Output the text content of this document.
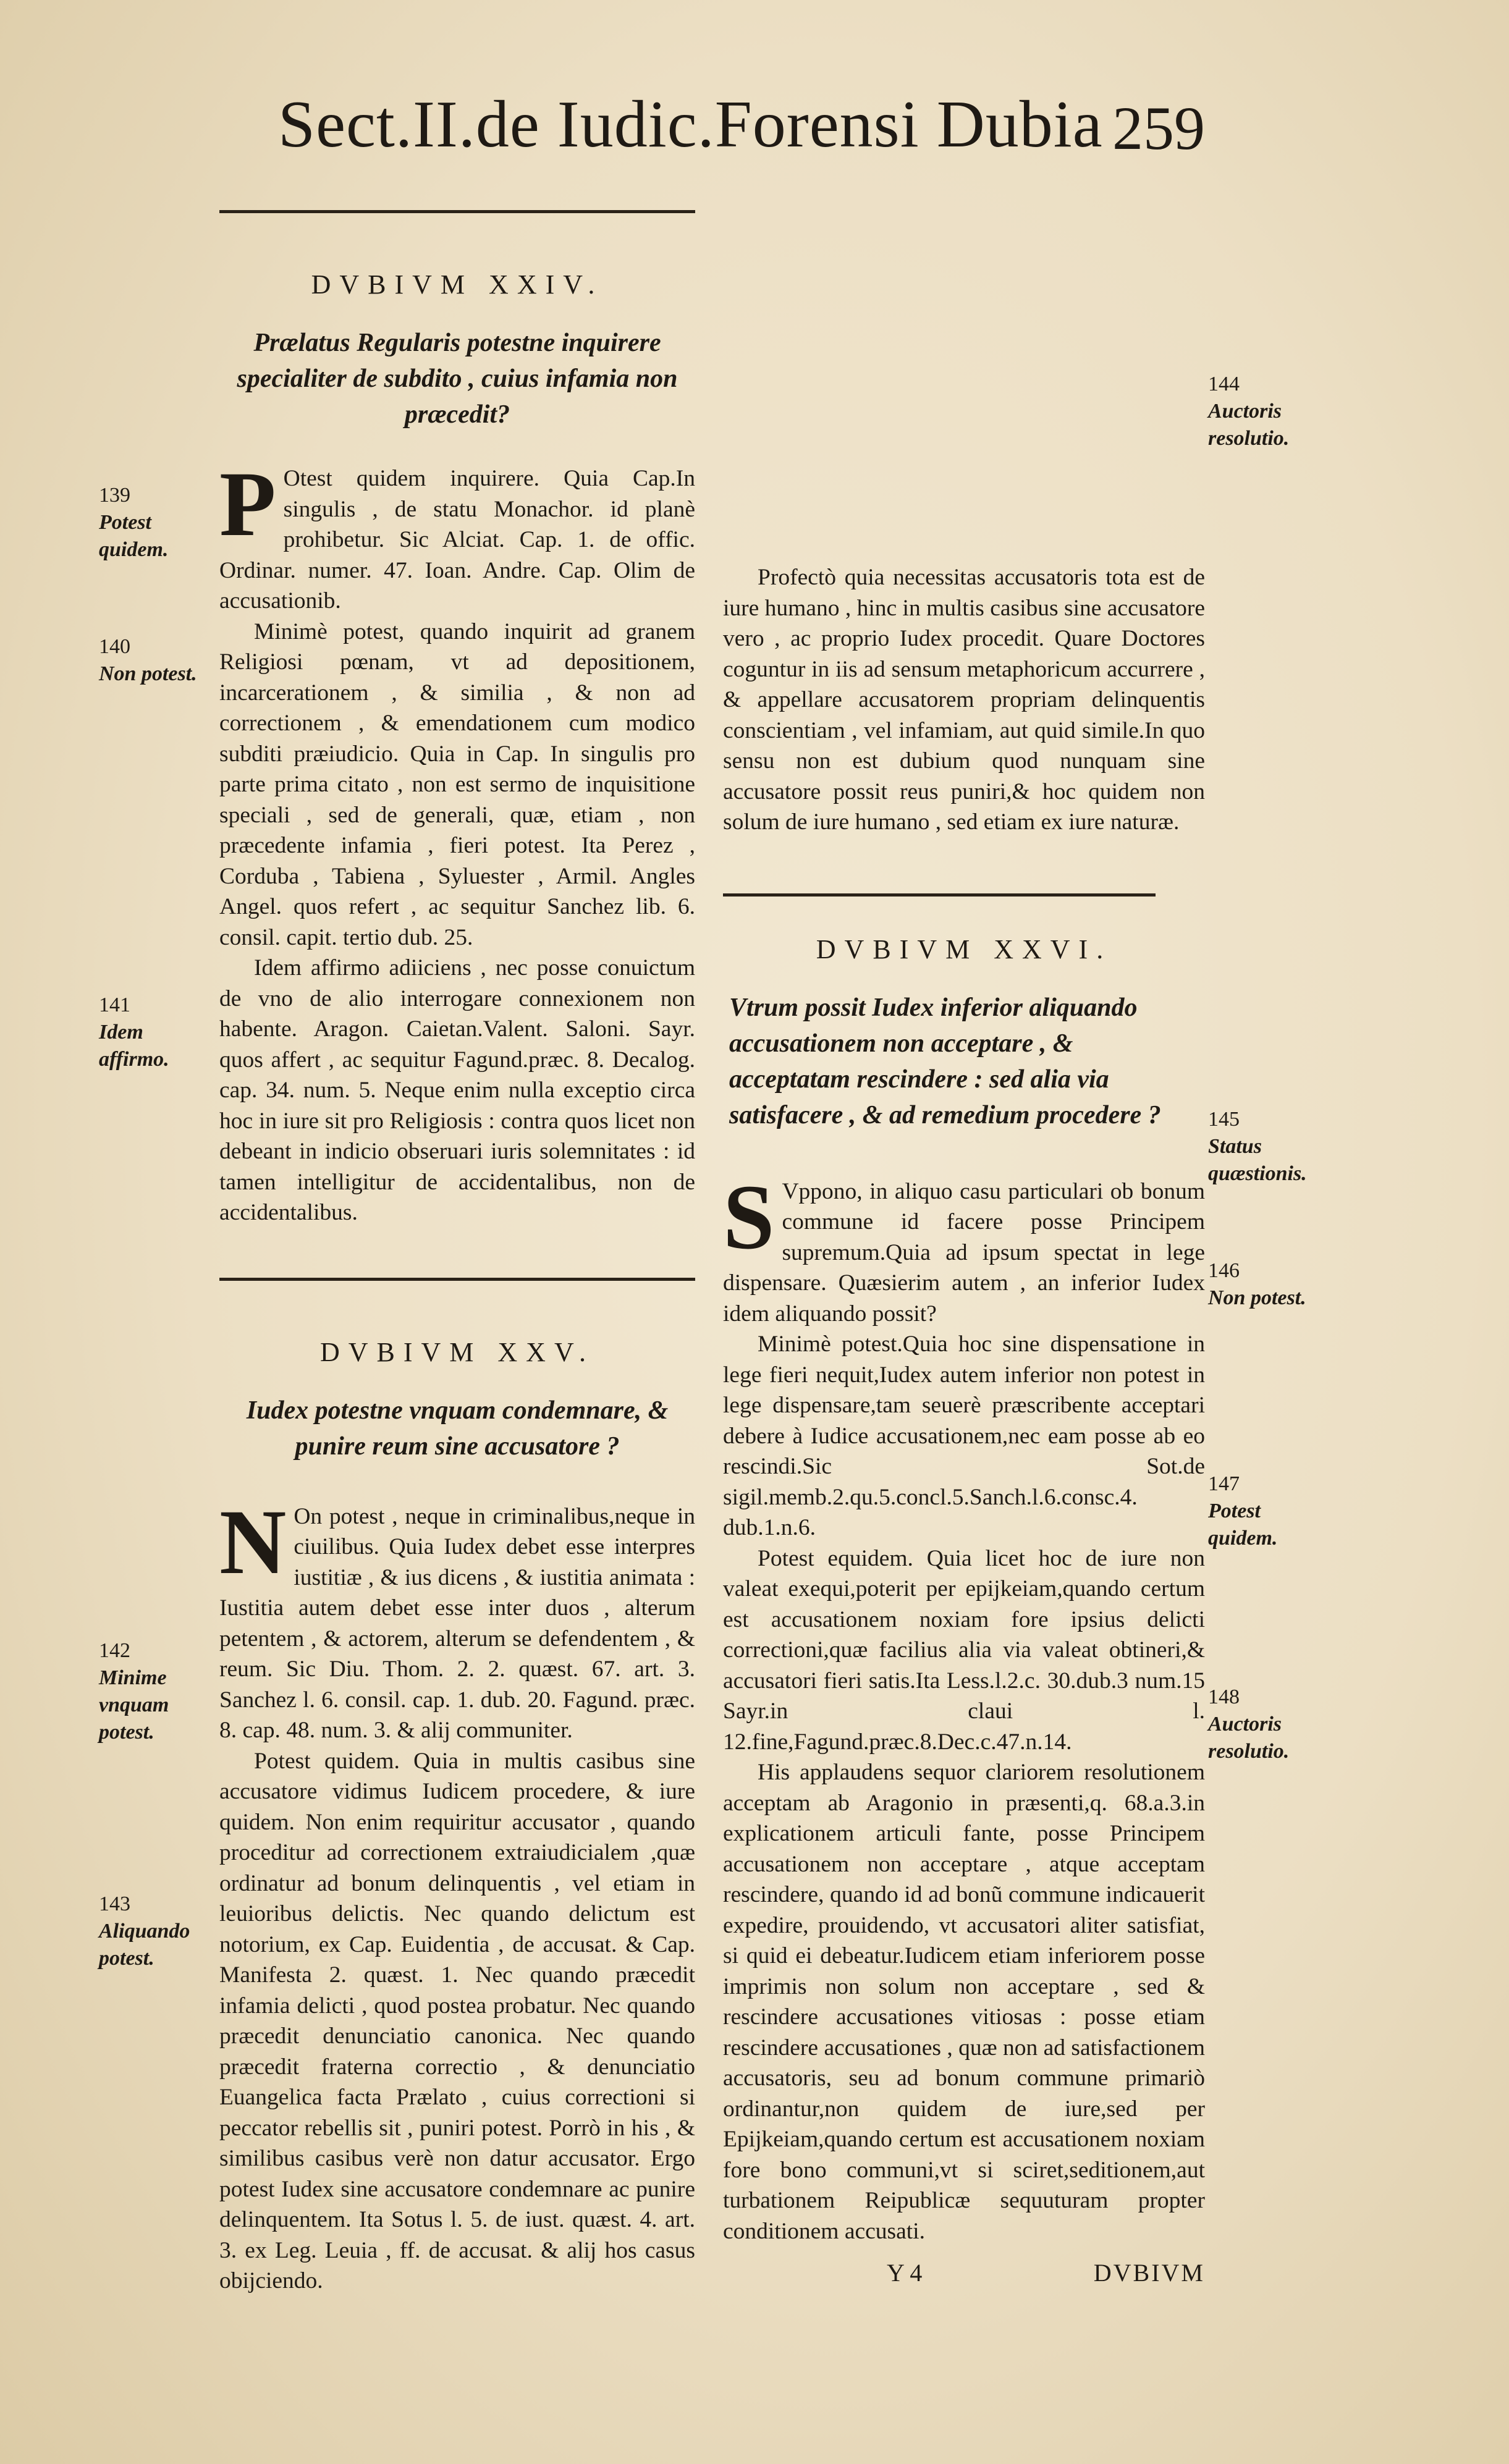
Sect.II.de Iudic.Forensi Dubia 259

DVBIVM XXIV.

Prælatus Regularis potestne inquirere specialiter de subdito , cuius infamia non præcedit?

P Otest quidem inquirere. Quia Cap.In singulis , de statu Monachor. id planè prohibetur. Sic Alciat. Cap. 1. de offic. Ordinar. numer. 47. Ioan. Andre. Cap. Olim de accusationib.

Minimè potest, quando inquirit ad granem Religiosi pœnam, vt ad depositionem, incarcerationem , & similia , & non ad correctionem , & emendationem cum modico subditi præiudicio. Quia in Cap. In singulis pro parte prima citato , non est sermo de inquisitione speciali , sed de generali, quæ, etiam , non præcedente infamia , fieri potest. Ita Perez , Corduba , Tabiena , Syluester , Armil. Angles Angel. quos refert , ac sequitur Sanchez lib. 6. consil. capit. tertio dub. 25.

Idem affirmo adiiciens , nec posse conuictum de vno de alio interrogare connexionem non habente. Aragon. Caietan.Valent. Saloni. Sayr. quos affert , ac sequitur Fagund.præc. 8. Decalog. cap. 34. num. 5. Neque enim nulla exceptio circa hoc in iure sit pro Religiosis : contra quos licet non debeant in indicio obseruari iuris solemnitates : id tamen intelligitur de accidentalibus, non de accidentalibus.

DVBIVM XXV.

Iudex potestne vnquam condemnare, & punire reum sine accusatore ?

N On potest , neque in criminalibus,neque in ciuilibus. Quia Iudex debet esse interpres iustitiæ , & ius dicens , & iustitia animata : Iustitia autem debet esse inter duos , alterum petentem , & actorem, alterum se defendentem , & reum. Sic Diu. Thom. 2. 2. quæst. 67. art. 3. Sanchez l. 6. consil. cap. 1. dub. 20. Fagund. præc. 8. cap. 48. num. 3. & alij communiter.

Potest quidem. Quia in multis casibus sine accusatore vidimus Iudicem procedere, & iure quidem. Non enim requiritur accusator , quando proceditur ad correctionem extraiudicialem ,quæ ordinatur ad bonum delinquentis , vel etiam in leuioribus delictis. Nec quando delictum est notorium, ex Cap. Euidentia , de accusat. & Cap. Manifesta 2. quæst. 1. Nec quando præcedit infamia delicti , quod postea probatur. Nec quando præcedit denunciatio canonica. Nec quando præcedit fraterna correctio , & denunciatio Euangelica facta Prælato , cuius correctioni si peccator rebellis sit , puniri potest. Porrò in his , & similibus casibus verè non datur accusator. Ergo potest Iudex sine accusatore condemnare ac punire delinquentem. Ita Sotus l. 5. de iust. quæst. 4. art. 3. ex Leg. Leuia , ff. de accusat. & alij hos casus obijciendo.

Profectò quia necessitas accusatoris tota est de iure humano , hinc in multis casibus sine accusatore vero , ac proprio Iudex procedit. Quare Doctores coguntur in iis ad sensum metaphoricum accurrere , & appellare accusatorem propriam delinquentis conscientiam , vel infamiam, aut quid simile.In quo sensu non est dubium quod nunquam sine accusatore possit reus puniri,& hoc quidem non solum de iure humano , sed etiam ex iure naturæ.

DVBIVM XXVI.

Vtrum possit Iudex inferior aliquando accusationem non acceptare , & acceptatam rescindere : sed alia via satisfacere , & ad remedium procedere ?

S Vppono, in aliquo casu particulari ob bonum commune id facere posse Principem supremum.Quia ad ipsum spectat in lege dispensare. Quæsierim autem , an inferior Iudex idem aliquando possit?

Minimè potest.Quia hoc sine dispensatione in lege fieri nequit,Iudex autem inferior non potest in lege dispensare,tam seuerè præscribente acceptari debere à Iudice accusationem,nec eam posse ab eo rescindi.Sic Sot.de sigil.memb.2.qu.5.concl.5.Sanch.l.6.consc.4. dub.1.n.6.

Potest equidem. Quia licet hoc de iure non valeat exequi,poterit per epijkeiam,quando certum est accusationem noxiam fore ipsius delicti correctioni,quæ facilius alia via valeat obtineri,& accusatori fieri satis.Ita Less.l.2.c. 30.dub.3 num.15 Sayr.in claui l. 12.fine,Fagund.præc.8.Dec.c.47.n.14.

His applaudens sequor clariorem resolutionem acceptam ab Aragonio in præsenti,q. 68.a.3.in explicationem articuli fante, posse Principem accusationem non acceptare , atque acceptam rescindere, quando id ad bonũ commune indicauerit expedire, prouidendo, vt accusatori aliter satisfiat, si quid ei debeatur.Iudicem etiam inferiorem posse imprimis non solum non acceptare , sed & rescindere accusationes vitiosas : posse etiam rescindere accusationes , quæ non ad satisfactionem accusatoris, seu ad bonum commune primariò ordinantur,non quidem de iure,sed per Epijkeiam,quando certum est accusationem noxiam fore bono communi,vt si sciret,seditionem,aut turbationem Reipublicæ sequuturam propter conditionem accusati.

139
Potest quidem.
140
Non potest.
141
Idem affirmo.
142
Minime vnquam potest.
143
Aliquando potest.
144
Auctoris resolutio.
145
Status quæstionis.
146
Non potest.
147
Potest quidem.
148
Auctoris resolutio.
Y 4	DVBIVM
